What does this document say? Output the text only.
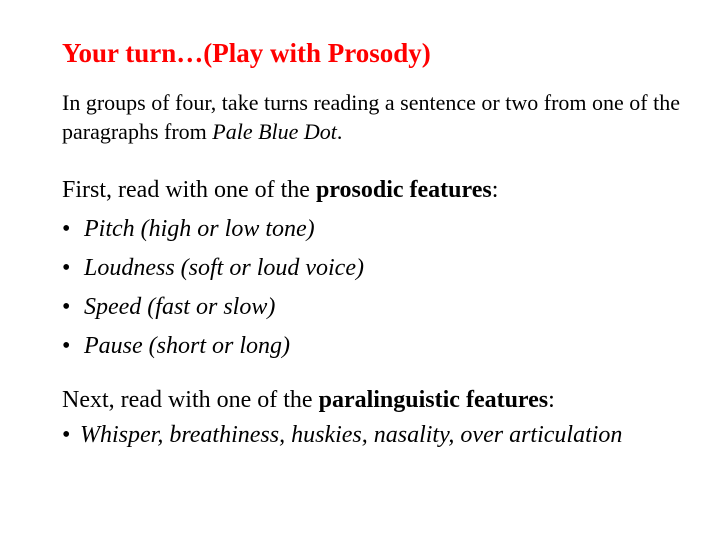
Your turn…(Play with Prosody)
In groups of four, take turns reading a sentence or two from one of the paragraphs from Pale Blue Dot.
First, read with one of the prosodic features:
• Pitch (high or low tone)
• Loudness (soft or loud voice)
• Speed (fast or slow)
• Pause (short or long)
Next, read with one of the paralinguistic features:
• Whisper, breathiness, huskies, nasality, over articulation
